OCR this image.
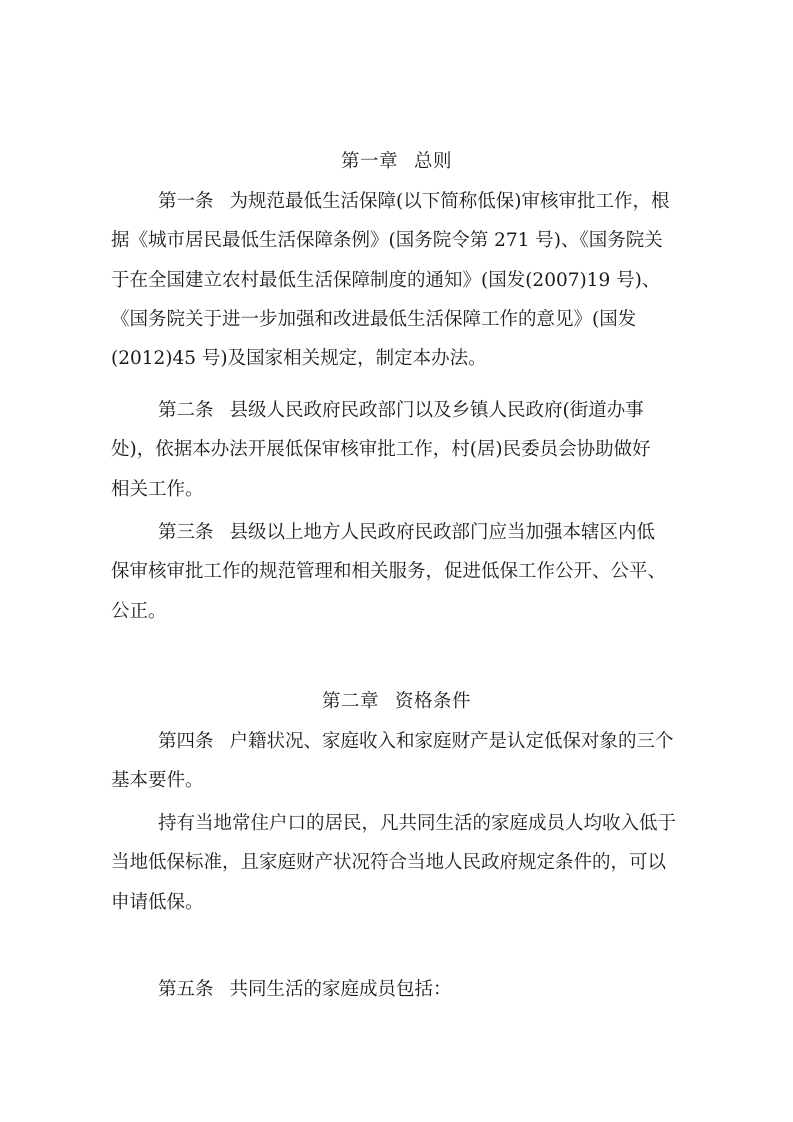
第一章 总则
第一条 为规范最低生活保障(以下简称低保)审核审批工作，根
据《城市居民最低生活保障条例》(国务院令第 271 号)、《国务院关
于在全国建立农村最低生活保障制度的通知》(国发(2007)19 号)、
《国务院关于进一步加强和改进最低生活保障工作的意见》(国发
(2012)45 号)及国家相关规定，制定本办法。
第二条 县级人民政府民政部门以及乡镇人民政府(街道办事
处)，依据本办法开展低保审核审批工作，村(居)民委员会协助做好
相关工作。
第三条 县级以上地方人民政府民政部门应当加强本辖区内低
保审核审批工作的规范管理和相关服务，促进低保工作公开、公平、
公正。
第二章 资格条件
第四条 户籍状况、家庭收入和家庭财产是认定低保对象的三个
基本要件。
持有当地常住户口的居民，凡共同生活的家庭成员人均收入低于
当地低保标准，且家庭财产状况符合当地人民政府规定条件的，可以
申请低保。
第五条 共同生活的家庭成员包括：
